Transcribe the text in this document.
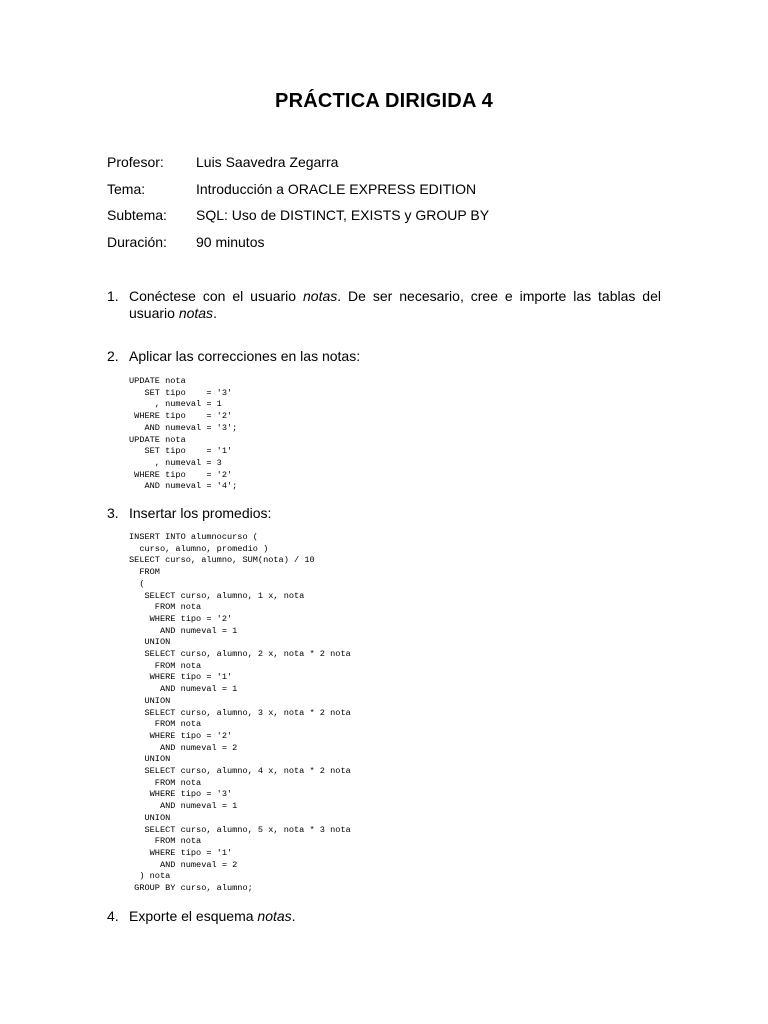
PRÁCTICA DIRIGIDA 4
Profesor:	Luis Saavedra Zegarra
Tema:	Introducción a ORACLE EXPRESS EDITION
Subtema:	SQL: Uso de DISTINCT, EXISTS y GROUP BY
Duración:	90 minutos
1. Conéctese con el usuario notas. De ser necesario, cree e importe las tablas del usuario notas.
2. Aplicar las correcciones en las notas:
UPDATE nota
SET tipo    = '3'
, numeval = 1
WHERE tipo    = '2'
AND numeval = '3';
UPDATE nota
SET tipo    = '1'
, numeval = 3
WHERE tipo    = '2'
AND numeval = '4';
3. Insertar los promedios:
INSERT INTO alumnocurso (
curso, alumno, promedio )
SELECT curso, alumno, SUM(nota) / 10
FROM
(
SELECT curso, alumno, 1 x, nota
FROM nota
WHERE tipo = '2'
AND numeval = 1
UNION
SELECT curso, alumno, 2 x, nota * 2 nota
FROM nota
WHERE tipo = '1'
AND numeval = 1
UNION
SELECT curso, alumno, 3 x, nota * 2 nota
FROM nota
WHERE tipo = '2'
AND numeval = 2
UNION
SELECT curso, alumno, 4 x, nota * 2 nota
FROM nota
WHERE tipo = '3'
AND numeval = 1
UNION
SELECT curso, alumno, 5 x, nota * 3 nota
FROM nota
WHERE tipo = '1'
AND numeval = 2
) nota
GROUP BY curso, alumno;
4. Exporte el esquema notas.
